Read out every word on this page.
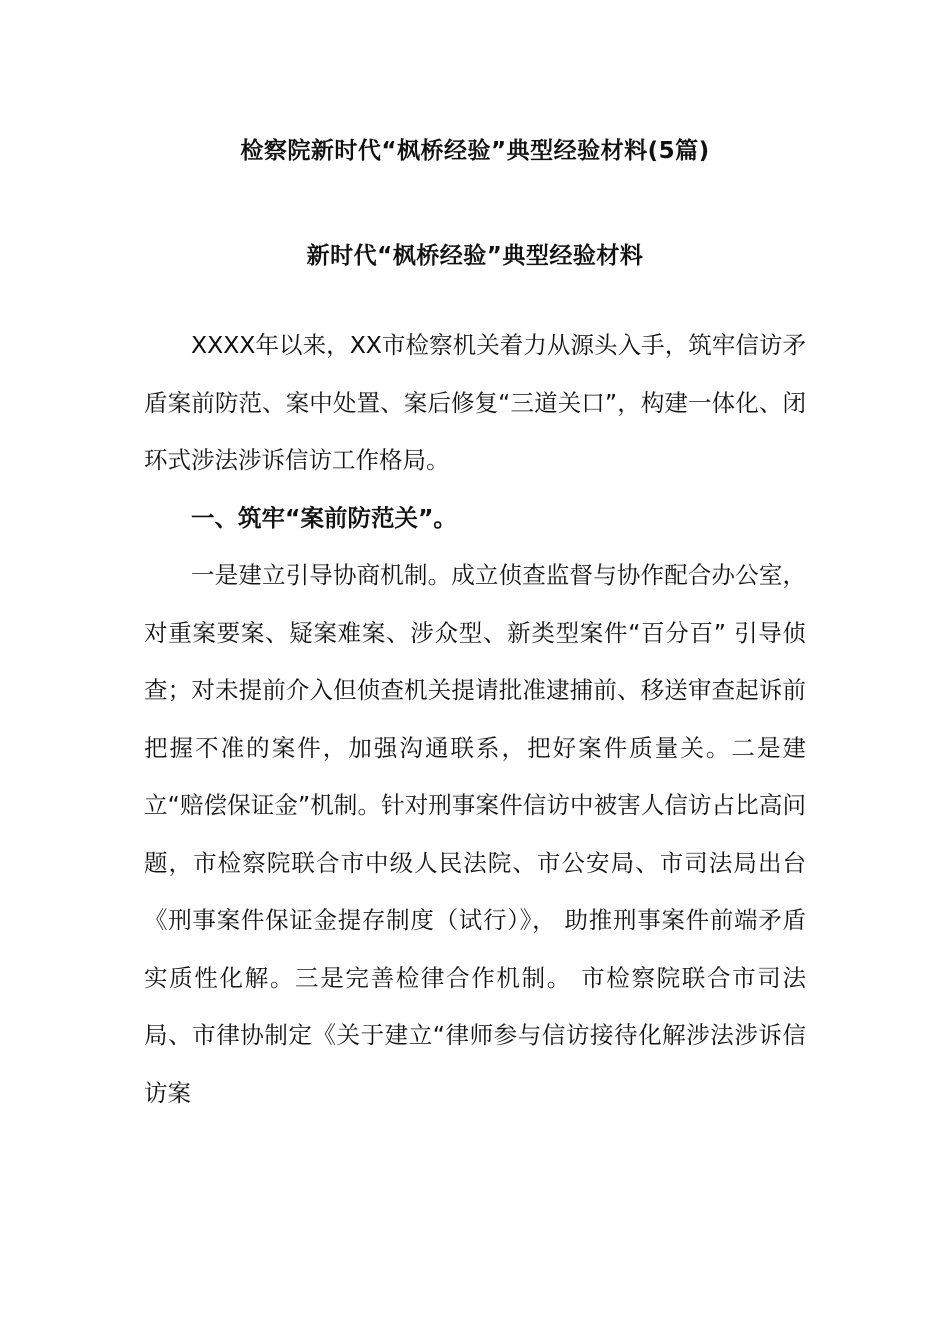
检察院新时代“枫桥经验”典型经验材料(5篇)
新时代“枫桥经验”典型经验材料

XXXX年以来，XX市检察机关着力从源头入手，筑牢信访矛盾案前防范、案中处置、案后修复“三道关口”，构建一体化、闭环式涉法涉诉信访工作格局。

一、筑牢“案前防范关”。

一是建立引导协商机制。成立侦查监督与协作配合办公室，对重案要案、疑案难案、涉众型、新类型案件“百分百” 引导侦查；对未提前介入但侦查机关提请批准逮捕前、移送审查起诉前把握不准的案件，加强沟通联系，把好案件质量关。二是建立“赔偿保证金”机制。针对刑事案件信访中被害人信访占比高问题，市检察院联合市中级人民法院、市公安局、市司法局出台《刑事案件保证金提存制度（试行）》， 助推刑事案件前端矛盾实质性化解。三是完善检律合作机制。 市检察院联合市司法局、市律协制定《关于建立“律师参与信访接待化解涉法涉诉信访案
